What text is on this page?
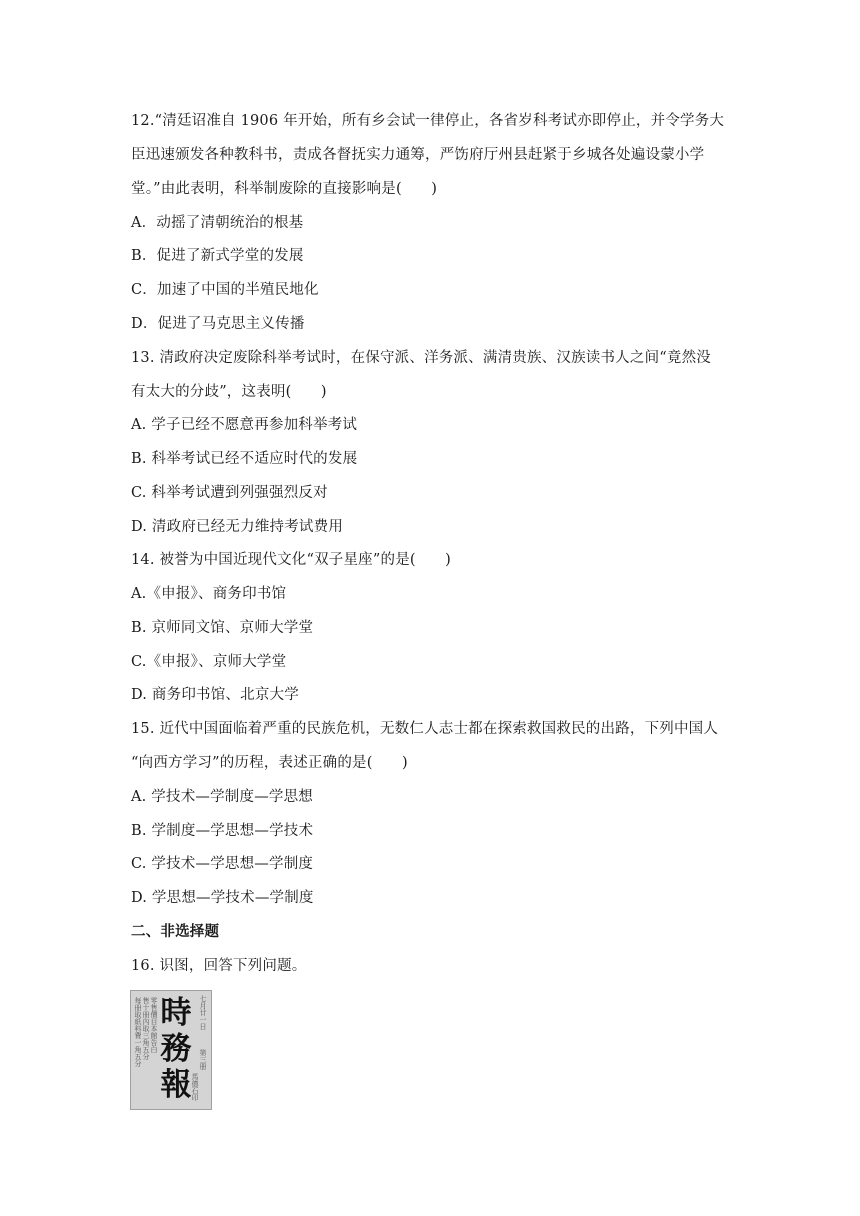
12.“清廷诏准自 1906 年开始，所有乡会试一律停止，各省岁科考试亦即停止，并令学务大
臣迅速颁发各种教科书，责成各督抚实力通筹，严饬府厅州县赶紧于乡城各处遍设蒙小学
堂。”由此表明，科举制废除的直接影响是(　　)
A．动摇了清朝统治的根基
B．促进了新式学堂的发展
C．加速了中国的半殖民地化
D．促进了马克思主义传播
13. 清政府决定废除科举考试时，在保守派、洋务派、满清贵族、汉族读书人之间“竟然没
有太大的分歧”，这表明(　　)
A. 学子已经不愿意再参加科举考试
B. 科举考试已经不适应时代的发展
C. 科举考试遭到列强强烈反对
D. 清政府已经无力维持考试费用
14. 被誉为中国近现代文化“双子星座”的是(　　)
A.《申报》、商务印书馆
B. 京师同文馆、京师大学堂
C.《申报》、京师大学堂
D. 商务印书馆、北京大学
15. 近代中国面临着严重的民族危机，无数仁人志士都在探索救国救民的出路，下列中国人
“向西方学习”的历程，表述正确的是(　　)
A. 学技术—学制度—学思想
B. 学制度—学思想—学技术
C. 学技术—学思想—学制度
D. 学思想—学技术—学制度
二、非选择题
16. 识图，回答下列问题。
每冊取紙料費一角五分 售十冊內取三角五分 零售價目本館告白 時
務
報
七月廿一日
第三册
馬德石印
